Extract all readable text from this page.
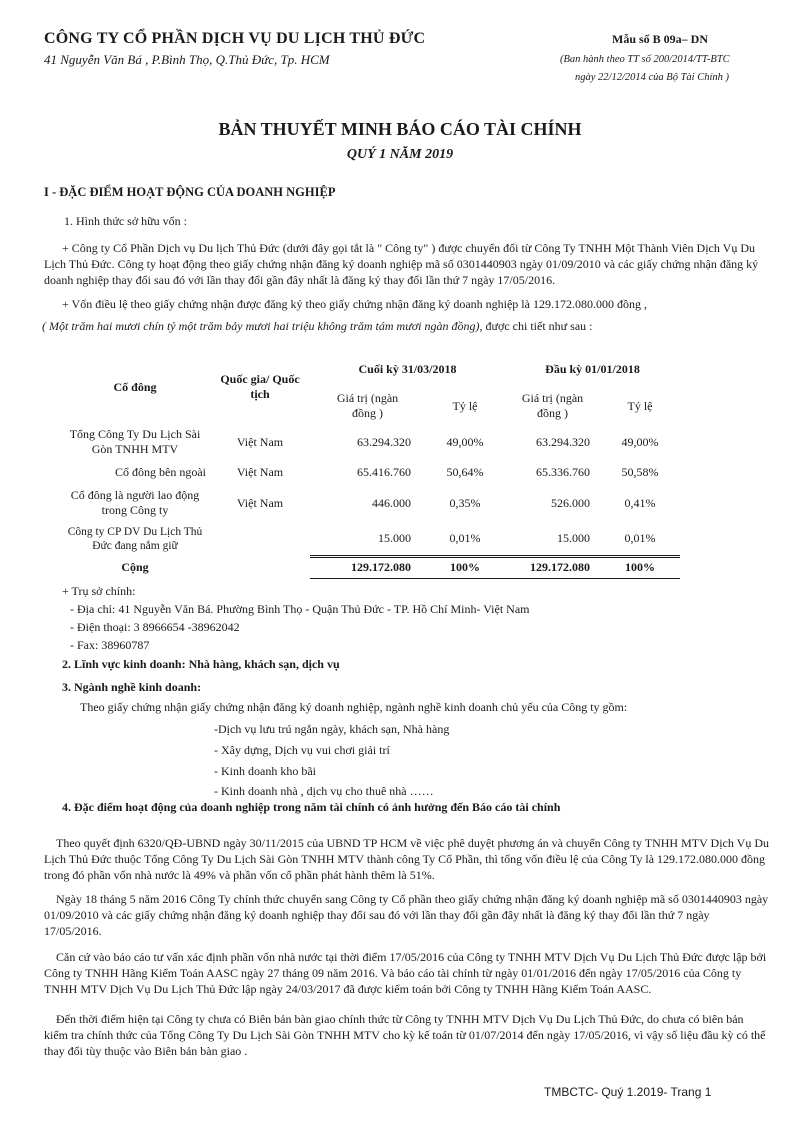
CÔNG TY CỔ PHẦN DỊCH VỤ DU LỊCH THỦ ĐỨC
41 Nguyễn Văn Bá , P.Bình Thọ, Q.Thủ Đức, Tp. HCM
Mẫu số B 09a– DN
(Ban hành theo TT số 200/2014/TT-BTC
ngày 22/12/2014 của Bộ Tài Chính )
BẢN THUYẾT MINH BÁO CÁO TÀI CHÍNH
QUÝ 1 NĂM 2019
I - ĐẶC ĐIỂM HOẠT ĐỘNG CỦA DOANH NGHIỆP
1. Hình thức sở hữu vốn :
+ Công ty Cổ Phần Dịch vụ Du lịch Thủ Đức (dưới đây gọi tắt là " Công ty" ) được chuyển đổi từ Công Ty TNHH Một Thành Viên Dịch Vụ Du Lịch Thủ Đức. Công ty hoạt động theo giấy chứng nhận đăng ký doanh nghiệp mã số 0301440903 ngày 01/09/2010 và các giấy chứng nhận đăng ký doanh nghiệp thay đổi sau đó với lần thay đổi gần đây nhất là đăng ký thay đổi lần thứ 7 ngày 17/05/2016.
+ Vốn điều lệ theo giấy chứng nhận được đăng ký theo giấy chứng nhận đăng ký doanh nghiệp là 129.172.080.000 đồng ,
( Một trăm hai mươi chín tỷ một trăm bảy mươi hai triệu không trăm tám mươi ngàn đồng), được chi tiết như sau :
Cổ đông	Quốc gia/ Quốc tịch	Cuối kỳ 31/03/2018		Đầu kỳ 01/01/2018	
		Giá trị (ngàn đồng )	Tỷ lệ	Giá trị (ngàn đồng )	Tỷ lệ
Tổng Công Ty Du Lịch Sài Gòn TNHH MTV	Việt Nam	63.294.320	49,00%	63.294.320	49,00%
Cổ đông bên ngoài	Việt Nam	65.416.760	50,64%	65.336.760	50,58%
Cổ đông là người lao động trong Công ty	Việt Nam	446.000	0,35%	526.000	0,41%
Công ty CP DV Du Lịch Thủ Đức đang nắm giữ		15.000	0,01%	15.000	0,01%
Cộng		129.172.080	100%	129.172.080	100%
+ Trụ sở chính:
- Địa chỉ: 41 Nguyễn Văn Bá. Phường Bình Thọ - Quận Thủ Đức - TP. Hồ Chí Minh- Việt Nam
- Điện thoại: 3 8966654 -38962042
- Fax: 38960787
2. Lĩnh vực kinh doanh: Nhà hàng, khách sạn, dịch vụ
3. Ngành nghề kinh doanh:
Theo giấy chứng nhận giấy chứng nhận đăng ký doanh nghiệp, ngành nghề kinh doanh chủ yếu của Công ty gồm:
-Dịch vụ lưu trú ngắn ngày, khách sạn, Nhà hàng
- Xây dựng, Dịch vụ vui chơi giải trí
- Kinh doanh kho bãi
- Kinh doanh nhà , dịch vụ cho thuê nhà ……
4. Đặc điểm hoạt động của doanh nghiệp trong năm tài chính có ảnh hưởng đến Báo cáo tài chính
Theo quyết định 6320/QĐ-UBND ngày 30/11/2015 của UBND TP HCM về việc phê duyệt phương án và chuyển Công ty TNHH MTV Dịch Vụ Du Lịch Thủ Đức thuộc Tổng Công Ty Du Lịch Sài Gòn TNHH MTV thành công Ty Cổ Phần, thì tổng vốn điều lệ của Công Ty là 129.172.080.000 đồng trong đó phần vốn nhà nước là 49% và phần vốn cổ phần phát hành thêm là 51%.
Ngày 18 tháng 5 năm 2016 Công Ty chính thức chuyển sang Công ty Cổ phần theo giấy chứng nhận đăng ký doanh nghiệp mã số 0301440903 ngày 01/09/2010 và các giấy chứng nhận đăng ký doanh nghiệp thay đổi sau đó với lần thay đổi gần đây nhất là đăng ký thay đổi lần thứ 7 ngày 17/05/2016.
Căn cứ vào báo cáo tư vấn xác định phần vốn nhà nước tại thời điểm 17/05/2016 của Công ty TNHH MTV Dịch Vụ Du Lịch Thủ Đức được lập bởi Công ty TNHH Hãng Kiểm Toán AASC ngày 27 tháng 09 năm 2016. Và báo cáo tài chính từ ngày 01/01/2016 đến ngày 17/05/2016 của Công ty TNHH MTV Dịch Vụ Du Lịch Thủ Đức lập ngày 24/03/2017 đã được kiểm toán bởi Công ty TNHH Hãng Kiểm Toán AASC.
Đến thời điểm hiện tại Công ty chưa có Biên bản bàn giao chính thức từ Công ty TNHH MTV Dịch Vụ Du Lịch Thủ Đức, do chưa có biên bản kiểm tra chính thức của Tổng Công Ty Du Lịch Sài Gòn TNHH MTV cho kỳ kế toán từ 01/07/2014 đến ngày 17/05/2016, vì vậy số liệu đầu kỳ có thể thay đổi tùy thuộc vào Biên bản bàn giao .
TMBCTC- Quý 1.2019- Trang 1
